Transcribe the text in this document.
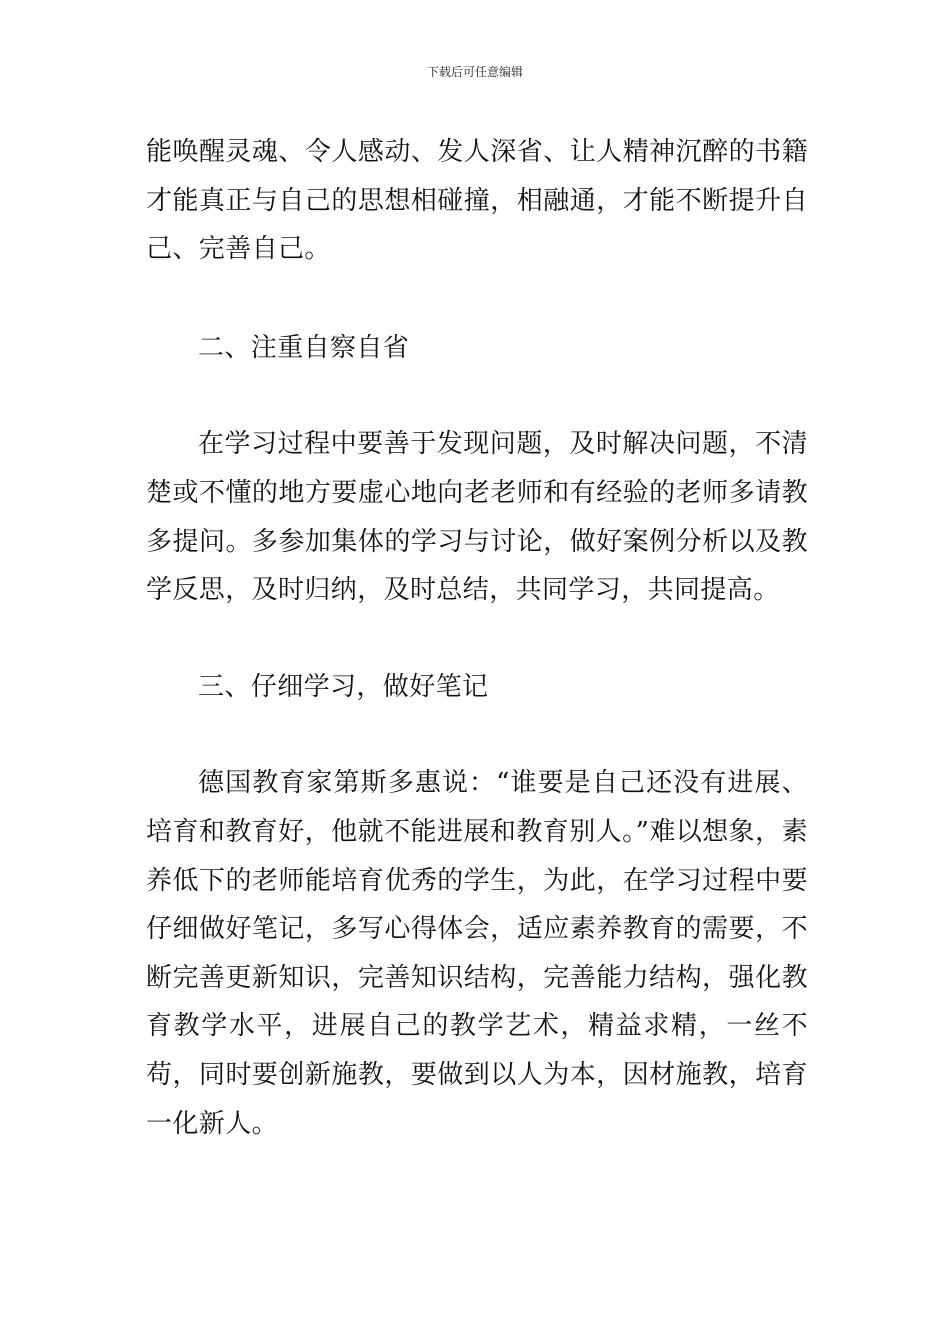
下载后可任意编辑

能唤醒灵魂、令人感动、发人深省、让人精神沉醉的书籍才能真正与自己的思想相碰撞，相融通，才能不断提升自己、完善自己。

二、注重自察自省

在学习过程中要善于发现问题，及时解决问题，不清楚或不懂的地方要虚心地向老老师和有经验的老师多请教多提问。多参加集体的学习与讨论，做好案例分析以及教学反思，及时归纳，及时总结，共同学习，共同提高。

三、仔细学习，做好笔记

德国教育家第斯多惠说：“谁要是自己还没有进展、培育和教育好，他就不能进展和教育别人。”难以想象，素养低下的老师能培育优秀的学生，为此，在学习过程中要仔细做好笔记，多写心得体会，适应素养教育的需要，不断完善更新知识，完善知识结构，完善能力结构，强化教育教学水平，进展自己的教学艺术，精益求精，一丝不苟，同时要创新施教，要做到以人为本，因材施教，培育一化新人。
